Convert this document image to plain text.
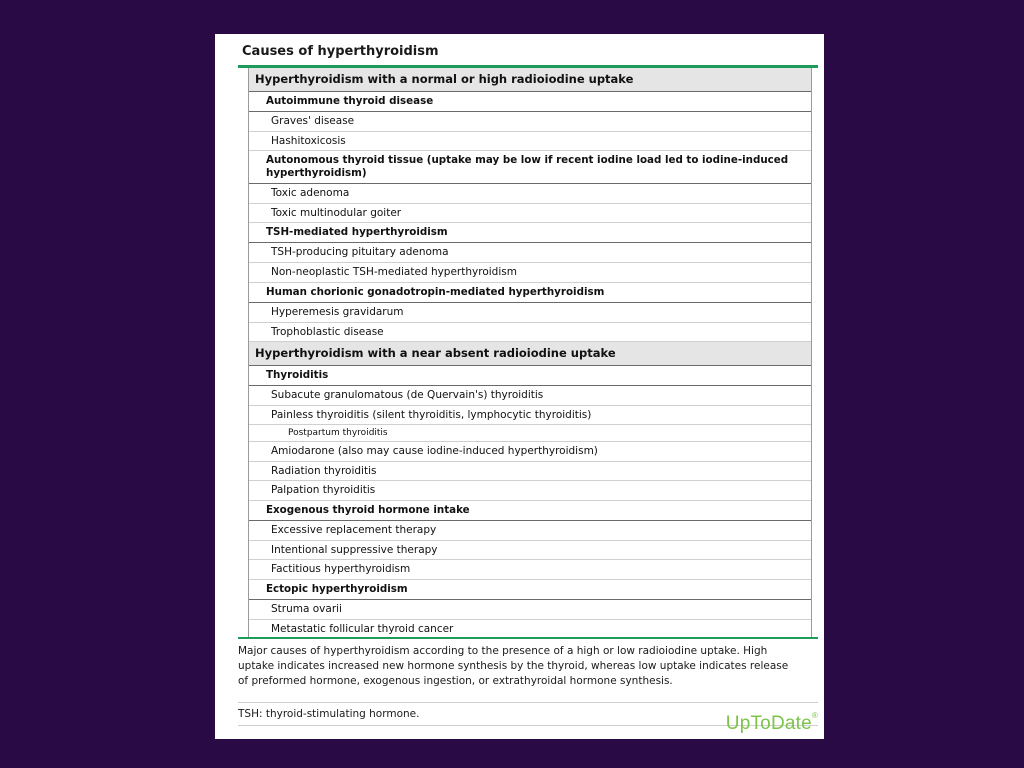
Causes of hyperthyroidism
Hyperthyroidism with a normal or high radioiodine uptake
Autoimmune thyroid disease
Graves' disease
Hashitoxicosis
Autonomous thyroid tissue (uptake may be low if recent iodine load led to iodine-induced hyperthyroidism)
Toxic adenoma
Toxic multinodular goiter
TSH-mediated hyperthyroidism
TSH-producing pituitary adenoma
Non-neoplastic TSH-mediated hyperthyroidism
Human chorionic gonadotropin-mediated hyperthyroidism
Hyperemesis gravidarum
Trophoblastic disease
Hyperthyroidism with a near absent radioiodine uptake
Thyroiditis
Subacute granulomatous (de Quervain's) thyroiditis
Painless thyroiditis (silent thyroiditis, lymphocytic thyroiditis)
Postpartum thyroiditis
Amiodarone (also may cause iodine-induced hyperthyroidism)
Radiation thyroiditis
Palpation thyroiditis
Exogenous thyroid hormone intake
Excessive replacement therapy
Intentional suppressive therapy
Factitious hyperthyroidism
Ectopic hyperthyroidism
Struma ovarii
Metastatic follicular thyroid cancer
Major causes of hyperthyroidism according to the presence of a high or low radioiodine uptake. High uptake indicates increased new hormone synthesis by the thyroid, whereas low uptake indicates release of preformed hormone, exogenous ingestion, or extrathyroidal hormone synthesis.
TSH: thyroid-stimulating hormone.	UpToDate®
